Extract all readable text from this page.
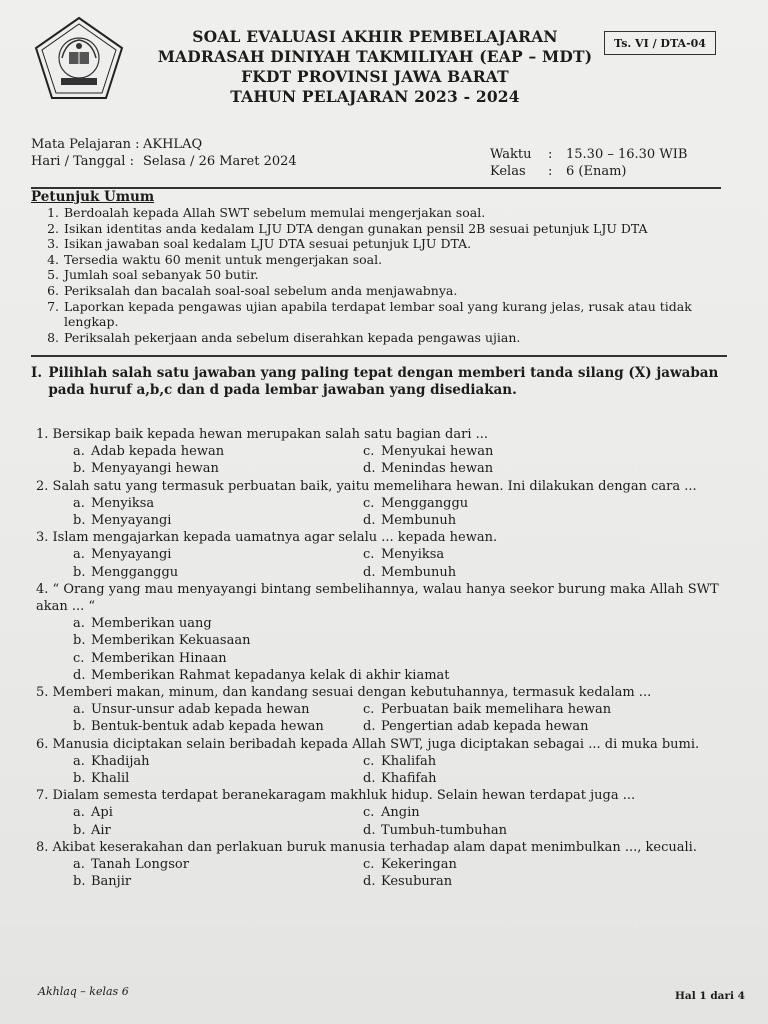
SOAL EVALUASI AKHIR PEMBELAJARAN
MADRASAH DINIYAH TAKMILIYAH (EAP – MDT)
FKDT PROVINSI JAWA BARAT
TAHUN PELAJARAN 2023 - 2024
Ts. VI / DTA-04
Mata Pelajaran : AKHLAQ
Hari / Tanggal : Selasa / 26 Maret 2024	Waktu	:	15.30 – 16.30 WIB
Kelas	:	6 (Enam)
Petunjuk Umum
1. Berdoalah kepada Allah SWT sebelum memulai mengerjakan soal.
2. Isikan identitas anda kedalam LJU DTA dengan gunakan pensil 2B sesuai petunjuk LJU DTA
3. Isikan jawaban soal kedalam LJU DTA sesuai petunjuk LJU DTA.
4. Tersedia waktu 60 menit untuk mengerjakan soal.
5. Jumlah soal sebanyak 50 butir.
6. Periksalah dan bacalah soal-soal sebelum anda menjawabnya.
7. Laporkan kepada pengawas ujian apabila terdapat lembar soal yang kurang jelas, rusak atau tidak lengkap.
8. Periksalah pekerjaan anda sebelum diserahkan kepada pengawas ujian.
I. Pilihlah salah satu jawaban yang paling tepat dengan memberi tanda silang (X) jawaban pada huruf a,b,c dan d pada lembar jawaban yang disediakan.
1. Bersikap baik kepada hewan merupakan salah satu bagian dari ...
a. Adab kepada hewan	c. Menyukai hewan
b. Menyayangi hewan	d. Menindas hewan
2. Salah satu yang termasuk perbuatan baik, yaitu memelihara hewan. Ini dilakukan dengan cara ...
a. Menyiksa	c. Mengganggu
b. Menyayangi	d. Membunuh
3. Islam mengajarkan kepada uamatnya agar selalu ... kepada hewan.
a. Menyayangi	c. Menyiksa
b. Mengganggu	d. Membunuh
4. “ Orang yang mau menyayangi bintang sembelihannya, walau hanya seekor burung maka Allah SWT akan ... “
a. Memberikan uang
b. Memberikan Kekuasaan
c. Memberikan Hinaan
d. Memberikan Rahmat kepadanya kelak di akhir kiamat
5. Memberi makan, minum, dan kandang sesuai dengan kebutuhannya, termasuk kedalam ...
a. Unsur-unsur adab kepada hewan	c. Perbuatan baik memelihara hewan
b. Bentuk-bentuk adab kepada hewan	d. Pengertian adab kepada hewan
6. Manusia diciptakan selain beribadah kepada Allah SWT, juga diciptakan sebagai ... di muka bumi.
a. Khadijah	c. Khalifah
b. Khalil	d. Khafifah
7. Dialam semesta terdapat beranekaragam makhluk hidup. Selain hewan terdapat juga ...
a. Api	c. Angin
b. Air	d. Tumbuh-tumbuhan
8. Akibat keserakahan dan perlakuan buruk manusia terhadap alam dapat menimbulkan ..., kecuali.
a. Tanah Longsor	c. Kekeringan
b. Banjir	d. Kesuburan
Akhlaq – kelas 6	Hal 1 dari 4
